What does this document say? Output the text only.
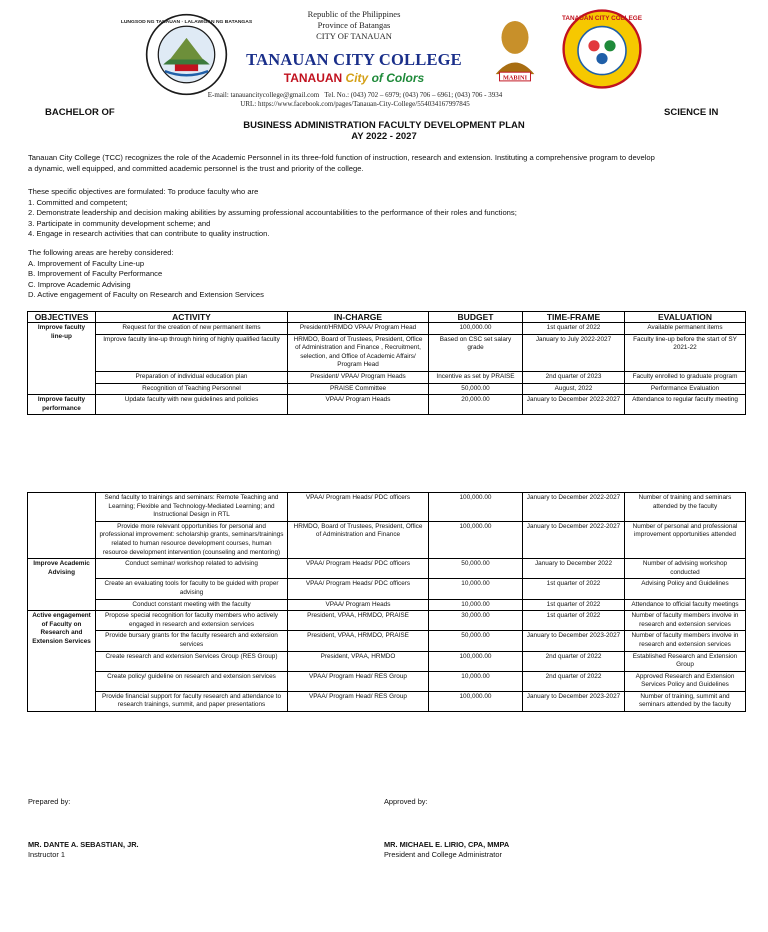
LUNGSOD NG TANAUAN · LALAWIGAN NG BATANGAS
Republic of the Philippines
Province of Batangas
CITY OF TANAUAN
TANAUAN CITY COLLEGE
TANAUAN City of Colors
E-mail: tanauancitycollege@gmail.com Tel. No.: (043) 702 – 6979; (043) 706 – 6961; (043) 706 - 3934
URL: https://www.facebook.com/pages/Tanauan-City-College/554034167997845
MABINI
TANAUAN CITY COLLEGE
BACHELOR OF	SCIENCE IN
BUSINESS ADMINISTRATION FACULTY DEVELOPMENT PLAN
AY 2022 - 2027
Tanauan City College (TCC) recognizes the role of the Academic Personnel in its three-fold function of instruction, research and extension. Instituting a comprehensive program to develop
a dynamic, well equipped, and committed academic personnel is the trust and priority of the college.
These specific objectives are formulated: To produce faculty who are
1. Committed and competent;
2. Demonstrate leadership and decision making abilities by assuming professional accountabilities to the performance of their roles and functions;
3. Participate in community development scheme; and
4. Engage in research activities that can contribute to quality instruction.
The following areas are hereby considered:
A. Improvement of Faculty Line-up
B. Improvement of Faculty Performance
C. Improve Academic Advising
D. Active engagement of Faculty on Research and Extension Services
OBJECTIVES	ACTIVITY	IN-CHARGE	BUDGET	TIME-FRAME	EVALUATION
Improve faculty line-up	Request for the creation of new permanent items	President/HRMDO VPAA/ Program Head	100,000.00	1st quarter of 2022	Available permanent items
	Improve faculty line-up through hiring of highly qualified faculty	HRMDO, Board of Trustees, President, Office of Administration and Finance , Recruitment, selection, and Office of Academic Affairs/ Program Head	Based on CSC set salary grade	January to July 2022-2027	Faculty line-up before the start of SY 2021-22
	Preparation of individual education plan	President/ VPAA/ Program Heads	Incentive as set by PRAISE	2nd quarter of 2023	Faculty enrolled to graduate program
	Recognition of Teaching Personnel	PRAISE Committee	50,000.00	August, 2022	Performance Evaluation
Improve faculty performance	Update faculty with new guidelines and policies	VPAA/ Program Heads	20,000.00	January to December 2022-2027	Attendance to regular faculty meeting
	Send faculty to trainings and seminars: Remote Teaching and Learning; Flexible and Technology-Mediated Learning; and Instructional Design in RTL	VPAA/ Program Heads/ PDC officers	100,000.00	January to December 2022-2027	Number of training and seminars attended by the faculty
	Provide more relevant opportunities for personal and professional improvement: scholarship grants, seminars/trainings related to human resource development courses, human resource development intervention (counseling and mentoring)	HRMDO, Board of Trustees, President, Office of Administration and Finance	100,000.00	January to December 2022-2027	Number of personal and professional improvement opportunities attended
Improve Academic Advising	Conduct seminar/ workshop related to advising	VPAA/ Program Heads/ PDC officers	50,000.00	January to December 2022	Number of advising workshop conducted
	Create an evaluating tools for faculty to be guided with proper advising	VPAA/ Program Heads/ PDC officers	10,000.00	1st quarter of 2022	Advising Policy and Guidelines
	Conduct constant meeting with the faculty	VPAA/ Program Heads	10,000.00	1st quarter of 2022	Attendance to official faculty meetings
Active engagement of Faculty on Research and Extension Services	Propose special recognition for faculty members who actively engaged in research and extension services	President, VPAA, HRMDO, PRAISE	30,000.00	1st quarter of 2022	Number of faculty members involve in research and extension services
	Provide bursary grants for the faculty research and extension services	President, VPAA, HRMDO, PRAISE	50,000.00	January to December 2023-2027	Number of faculty members involve in research and extension services
	Create research and extension Services Group (RES Group)	President, VPAA, HRMDO	100,000.00	2nd quarter of 2022	Established Research and Extension Group
	Create policy/ guideline on research and extension services	VPAA/ Program Head/ RES Group	10,000.00	2nd quarter of 2022	Approved Research and Extension Services Policy and Guidelines
	Provide financial support for faculty research and attendance to research trainings, summit, and paper presentations	VPAA/ Program Head/ RES Group	100,000.00	January to December 2023-2027	Number of training, summit and seminars attended by the faculty
Prepared by:	Approved by:
MR. DANTE A. SEBASTIAN, JR.
Instructor 1
MR. MICHAEL E. LIRIO, CPA, MMPA
President and College Administrator
